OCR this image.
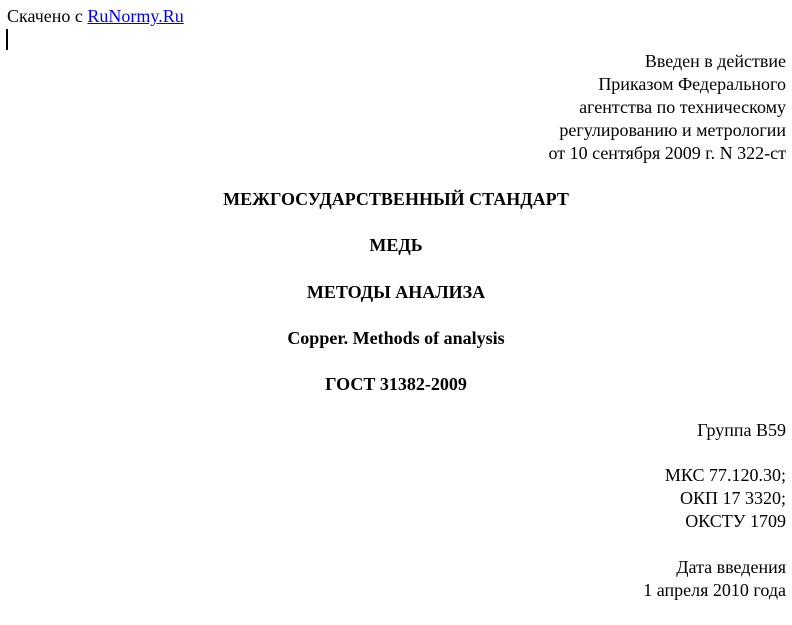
Скачено с RuNormy.Ru
Введен в действие
Приказом Федерального
агентства по техническому
регулированию и метрологии
от 10 сентября 2009 г. N 322-ст
МЕЖГОСУДАРСТВЕННЫЙ СТАНДАРТ
МЕДЬ
МЕТОДЫ АНАЛИЗА
Copper. Methods of analysis
ГОСТ 31382-2009
Группа В59
МКС 77.120.30;
ОКП 17 3320;
ОКСТУ 1709
Дата введения
1 апреля 2010 года
